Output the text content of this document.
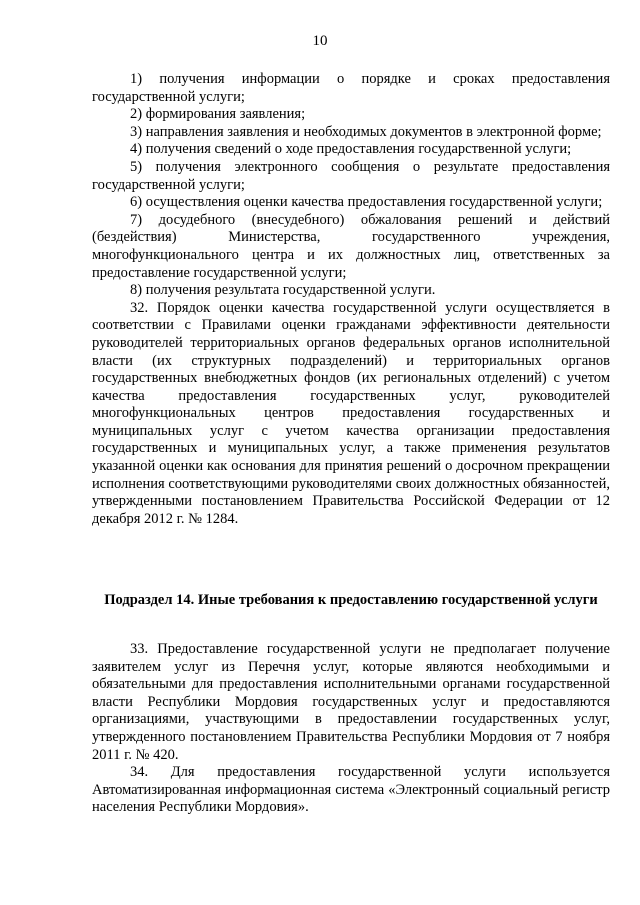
10

1) получения информации о порядке и сроках предоставления государственной услуги;

2) формирования заявления;

3) направления заявления и необходимых документов в электронной форме;

4) получения сведений о ходе предоставления государственной услуги;

5) получения электронного сообщения о результате предоставления государственной услуги;

6) осуществления оценки качества предоставления государственной услуги;

7) досудебного (внесудебного) обжалования решений и действий (бездействия) Министерства, государственного учреждения, многофункционального центра и их должностных лиц, ответственных за предоставление государственной услуги;

8) получения результата государственной услуги.

32. Порядок оценки качества государственной услуги осуществляется в соответствии с Правилами оценки гражданами эффективности деятельности руководителей территориальных органов федеральных органов исполнительной власти (их структурных подразделений) и территориальных органов государственных внебюджетных фондов (их региональных отделений) с учетом качества предоставления государственных услуг, руководителей многофункциональных центров предоставления государственных и муниципальных услуг с учетом качества организации предоставления государственных и муниципальных услуг, а также применения результатов указанной оценки как основания для принятия решений о досрочном прекращении исполнения соответствующими руководителями своих должностных обязанностей, утвержденными постановлением Правительства Российской Федерации от 12 декабря 2012 г. № 1284.

Подраздел 14. Иные требования к предоставлению государственной услуги

33. Предоставление государственной услуги не предполагает получение заявителем услуг из Перечня услуг, которые являются необходимыми и обязательными для предоставления исполнительными органами государственной власти Республики Мордовия государственных услуг и предоставляются организациями, участвующими в предоставлении государственных услуг, утвержденного постановлением Правительства Республики Мордовия от 7 ноября 2011 г. № 420.

34. Для предоставления государственной услуги используется Автоматизированная информационная система «Электронный социальный регистр населения Республики Мордовия».
